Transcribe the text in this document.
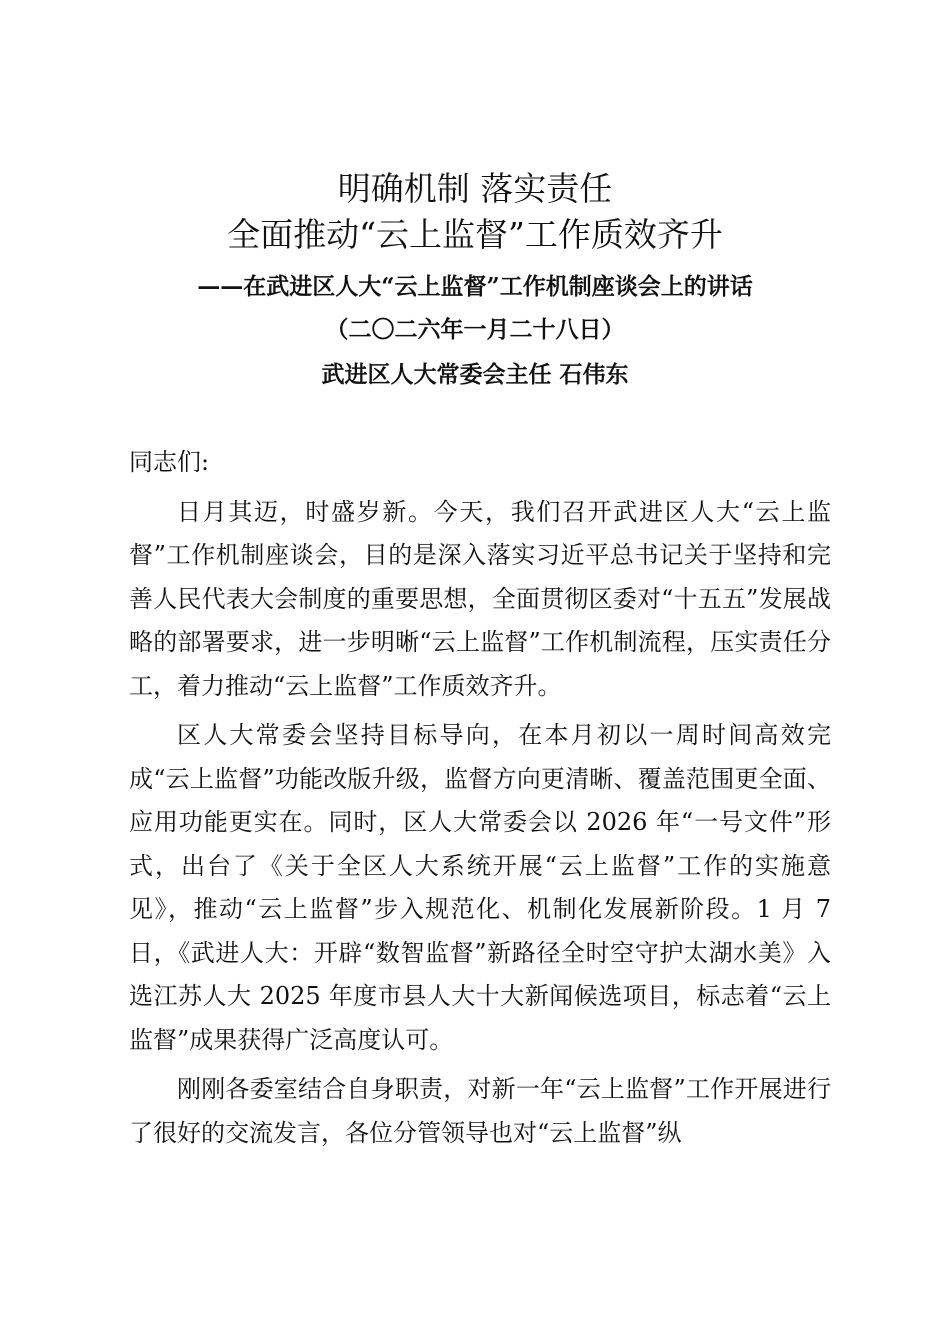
明确机制 落实责任
全面推动“云上监督”工作质效齐升
——在武进区人大“云上监督”工作机制座谈会上的讲话
（二〇二六年一月二十八日）
武进区人大常委会主任 石伟东

同志们:

日月其迈，时盛岁新。今天，我们召开武进区人大“云上监督”工作机制座谈会，目的是深入落实习近平总书记关于坚持和完善人民代表大会制度的重要思想，全面贯彻区委对“十五五”发展战略的部署要求，进一步明晰“云上监督”工作机制流程，压实责任分工，着力推动“云上监督”工作质效齐升。

区人大常委会坚持目标导向，在本月初以一周时间高效完成“云上监督”功能改版升级，监督方向更清晰、覆盖范围更全面、应用功能更实在。同时，区人大常委会以 2026 年“一号文件”形式，出台了《关于全区人大系统开展“云上监督”工作的实施意见》，推动“云上监督”步入规范化、机制化发展新阶段。1 月 7 日，《武进人大：开辟“数智监督”新路径全时空守护太湖水美》入选江苏人大 2025 年度市县人大十大新闻候选项目，标志着“云上监督”成果获得广泛高度认可。

刚刚各委室结合自身职责，对新一年“云上监督”工作开展进行了很好的交流发言，各位分管领导也对“云上监督”纵
